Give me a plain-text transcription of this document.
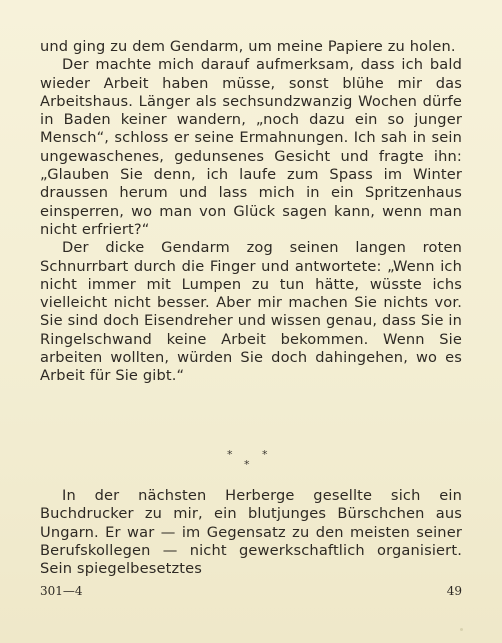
und ging zu dem Gendarm, um meine Papiere zu holen.

Der machte mich darauf aufmerksam, dass ich bald wieder Arbeit haben müsse, sonst blühe mir das Arbeitshaus. Länger als sechsundzwanzig Wochen dürfe in Baden keiner wandern, „noch dazu ein so junger Mensch“, schloss er seine Ermahnungen. Ich sah in sein ungewaschenes, gedunsenes Gesicht und fragte ihn: „Glauben Sie denn, ich laufe zum Spass im Winter draussen herum und lass mich in ein Spritzenhaus einsperren, wo man von Glück sagen kann, wenn man nicht erfriert?“

Der dicke Gendarm zog seinen langen roten Schnurrbart durch die Finger und antwortete: „Wenn ich nicht immer mit Lumpen zu tun hätte, wüsste ichs vielleicht nicht besser. Aber mir machen Sie nichts vor. Sie sind doch Eisendreher und wissen genau, dass Sie in Ringelschwand keine Arbeit bekommen. Wenn Sie arbeiten wollten, würden Sie doch dahingehen, wo es Arbeit für Sie gibt.“

*	*
*

In der nächsten Herberge gesellte sich ein Buchdrucker zu mir, ein blutjunges Bürschchen aus Ungarn. Er war — im Gegensatz zu den meisten seiner Berufskollegen — nicht gewerkschaftlich organisiert. Sein spiegelbesetztes

301—4	49
